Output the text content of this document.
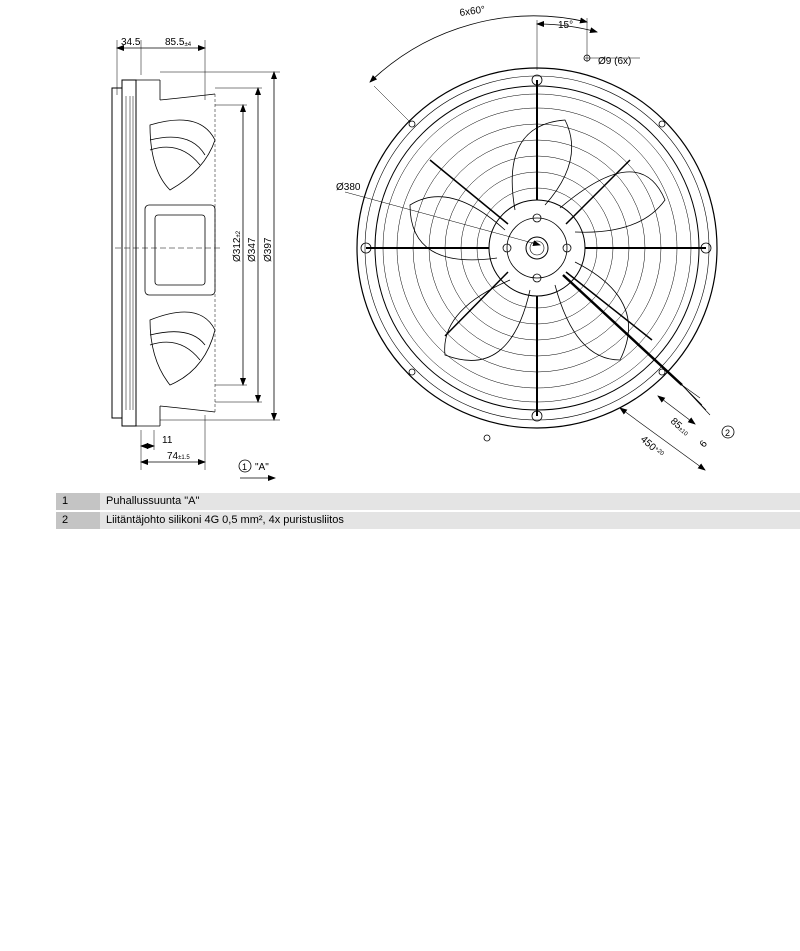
34.5 85.5±4
Ø312±2
Ø347 Ø397
11
74±1.5
1 "A"
6x60°
15°
Ø9 (6x)
Ø380
$450^{+20}$
85±10
6
2
1	Puhallussuunta "A"
2	Liitäntäjohto silikoni 4G 0,5 mm², 4x puristusliitos
